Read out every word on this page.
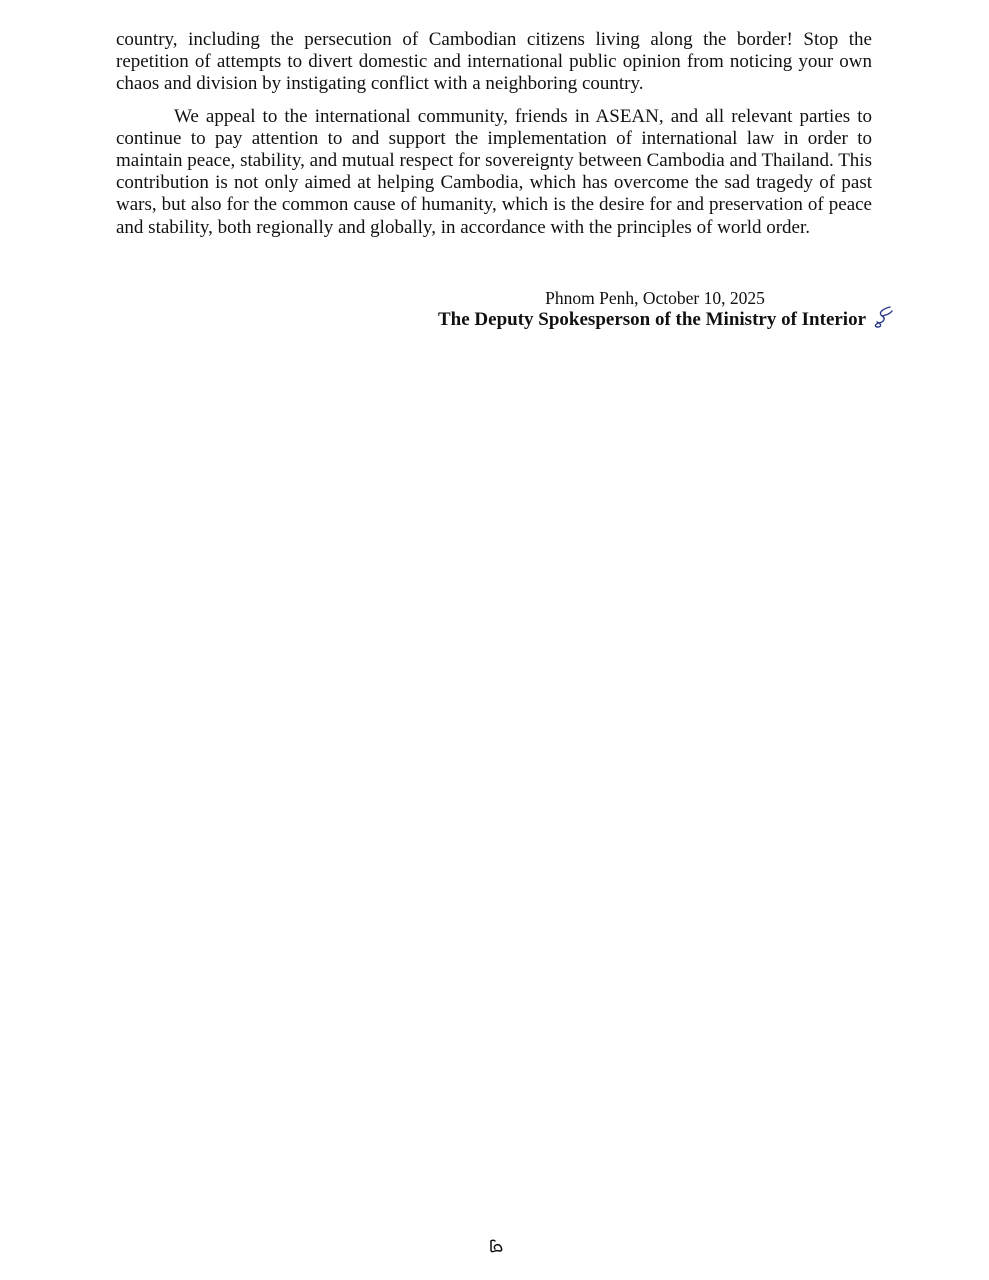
country, including the persecution of Cambodian citizens living along the border! Stop the repetition of attempts to divert domestic and international public opinion from noticing your own chaos and division by instigating conflict with a neighboring country.

We appeal to the international community, friends in ASEAN, and all relevant parties to continue to pay attention to and support the implementation of international law in order to maintain peace, stability, and mutual respect for sovereignty between Cambodia and Thailand. This contribution is not only aimed at helping Cambodia, which has overcome the sad tragedy of past wars, but also for the common cause of humanity, which is the desire for and preservation of peace and stability, both regionally and globally, in accordance with the principles of world order.

Phnom Penh, October 10, 2025
The Deputy Spokesperson of the Ministry of Interior
